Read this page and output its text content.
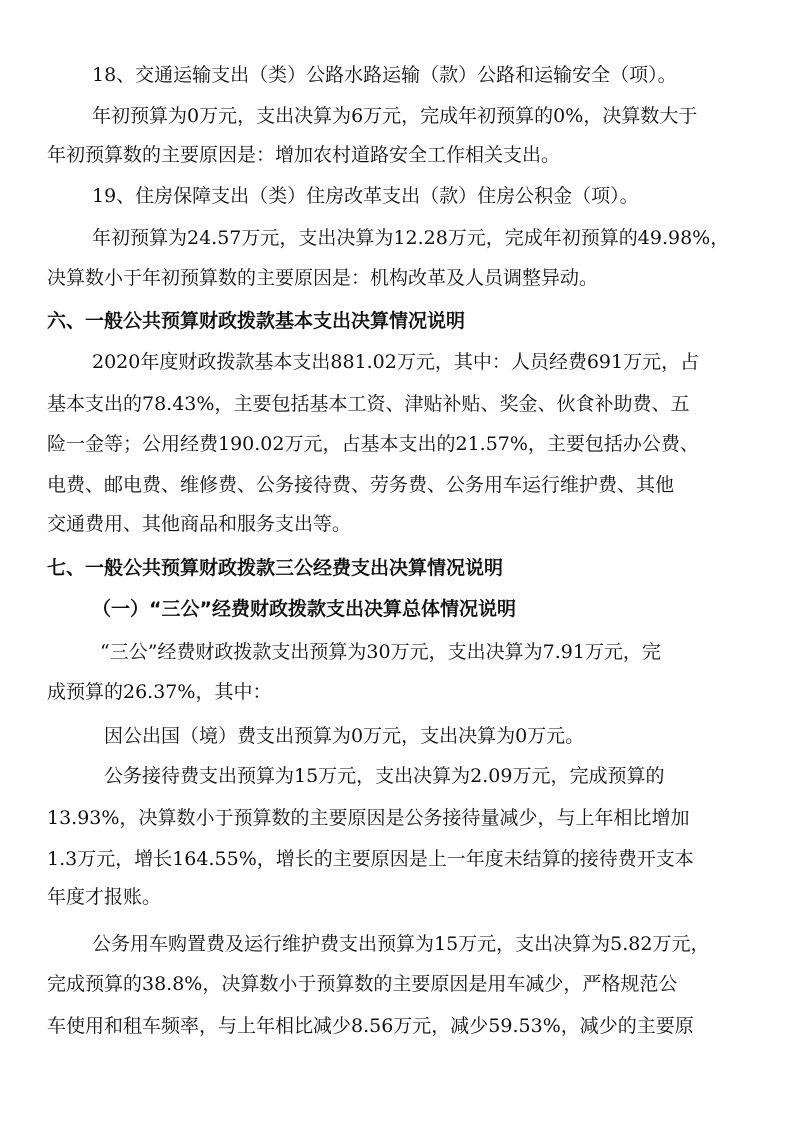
18、交通运输支出（类）公路水路运输（款）公路和运输安全（项）。
年初预算为0万元，支出决算为6万元，完成年初预算的0%，决算数大于
年初预算数的主要原因是：增加农村道路安全工作相关支出。
19、住房保障支出（类）住房改革支出（款）住房公积金（项）。
年初预算为24.57万元，支出决算为12.28万元，完成年初预算的49.98%，
决算数小于年初预算数的主要原因是：机构改革及人员调整异动。
六、一般公共预算财政拨款基本支出决算情况说明
2020年度财政拨款基本支出881.02万元，其中：人员经费691万元，占
基本支出的78.43%，主要包括基本工资、津贴补贴、奖金、伙食补助费、五
险一金等；公用经费190.02万元，占基本支出的21.57%，主要包括办公费、
电费、邮电费、维修费、公务接待费、劳务费、公务用车运行维护费、其他
交通费用、其他商品和服务支出等。
七、一般公共预算财政拨款三公经费支出决算情况说明
（一）“三公”经费财政拨款支出决算总体情况说明
“三公”经费财政拨款支出预算为30万元，支出决算为7.91万元，完
成预算的26.37%，其中：
因公出国（境）费支出预算为0万元，支出决算为0万元。
公务接待费支出预算为15万元，支出决算为2.09万元，完成预算的
13.93%，决算数小于预算数的主要原因是公务接待量减少，与上年相比增加
1.3万元，增长164.55%，增长的主要原因是上一年度未结算的接待费开支本
年度才报账。
公务用车购置费及运行维护费支出预算为15万元，支出决算为5.82万元，
完成预算的38.8%，决算数小于预算数的主要原因是用车减少，严格规范公
车使用和租车频率，与上年相比减少8.56万元，减少59.53%，减少的主要原
